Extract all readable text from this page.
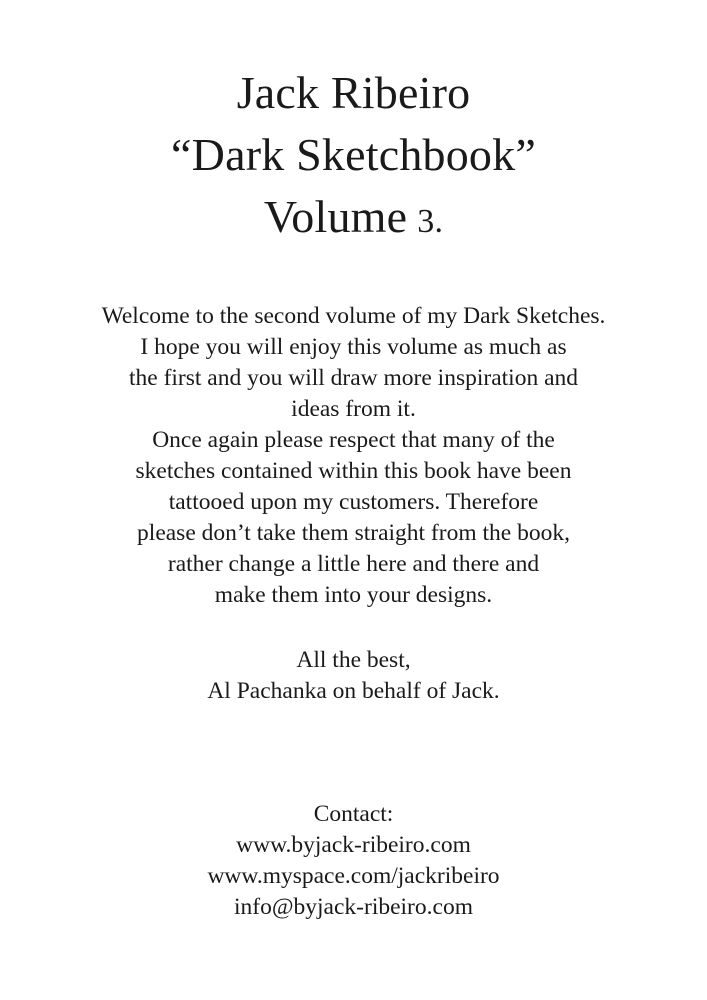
Jack Ribeiro
“Dark Sketchbook”
Volume 3.
Welcome to the second volume of my Dark Sketches.
I hope you will enjoy this volume as much as
the first and you will draw more inspiration and
ideas from it.
Once again please respect that many of the
sketches contained within this book have been
tattooed upon my customers. Therefore
please don’t take them straight from the book,
rather change a little here and there and
make them into your designs.
All the best,
Al Pachanka on behalf of Jack.
Contact:
www.byjack-ribeiro.com
www.myspace.com/jackribeiro
info@byjack-ribeiro.com
